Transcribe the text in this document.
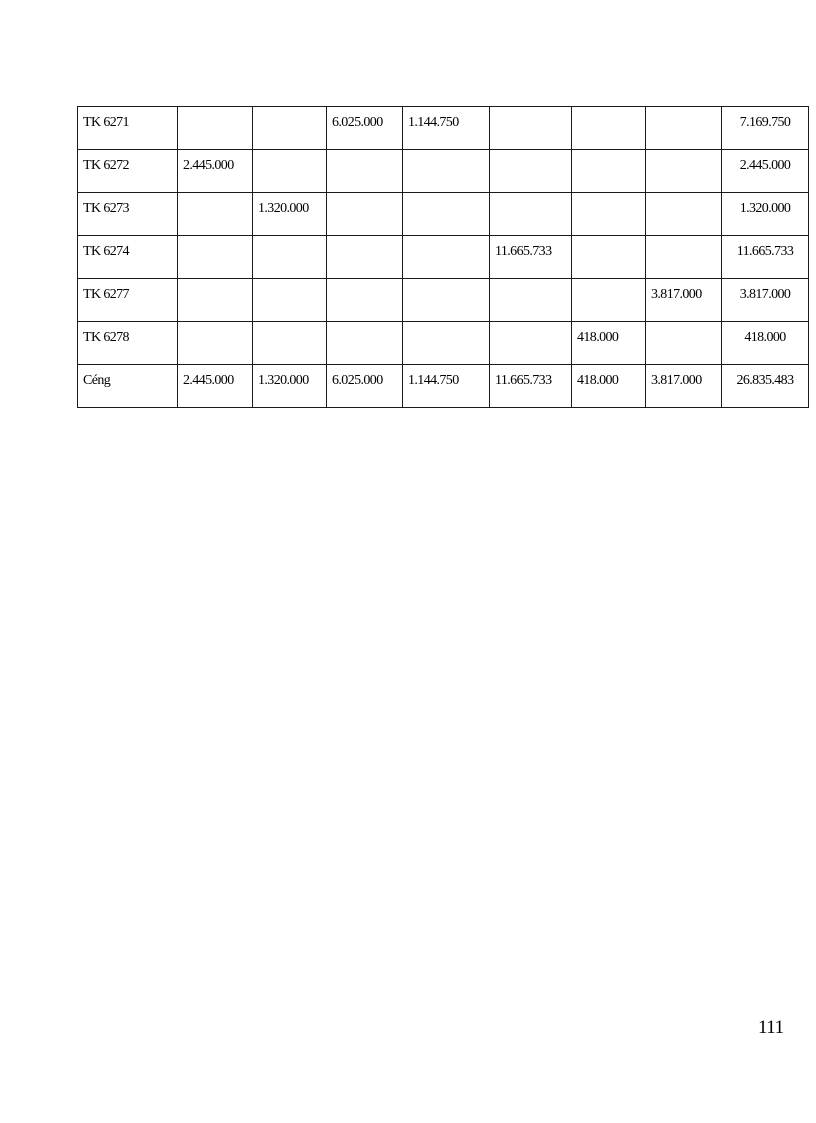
TK 6271			6.025.000	1.144.750				7.169.750
TK 6272	2.445.000							2.445.000
TK 6273		1.320.000						1.320.000
TK 6274					11.665.733			11.665.733
TK 6277							3.817.000	3.817.000
TK 6278						418.000		418.000
Céng	2.445.000	1.320.000	6.025.000	1.144.750	11.665.733	418.000	3.817.000	26.835.483
111
